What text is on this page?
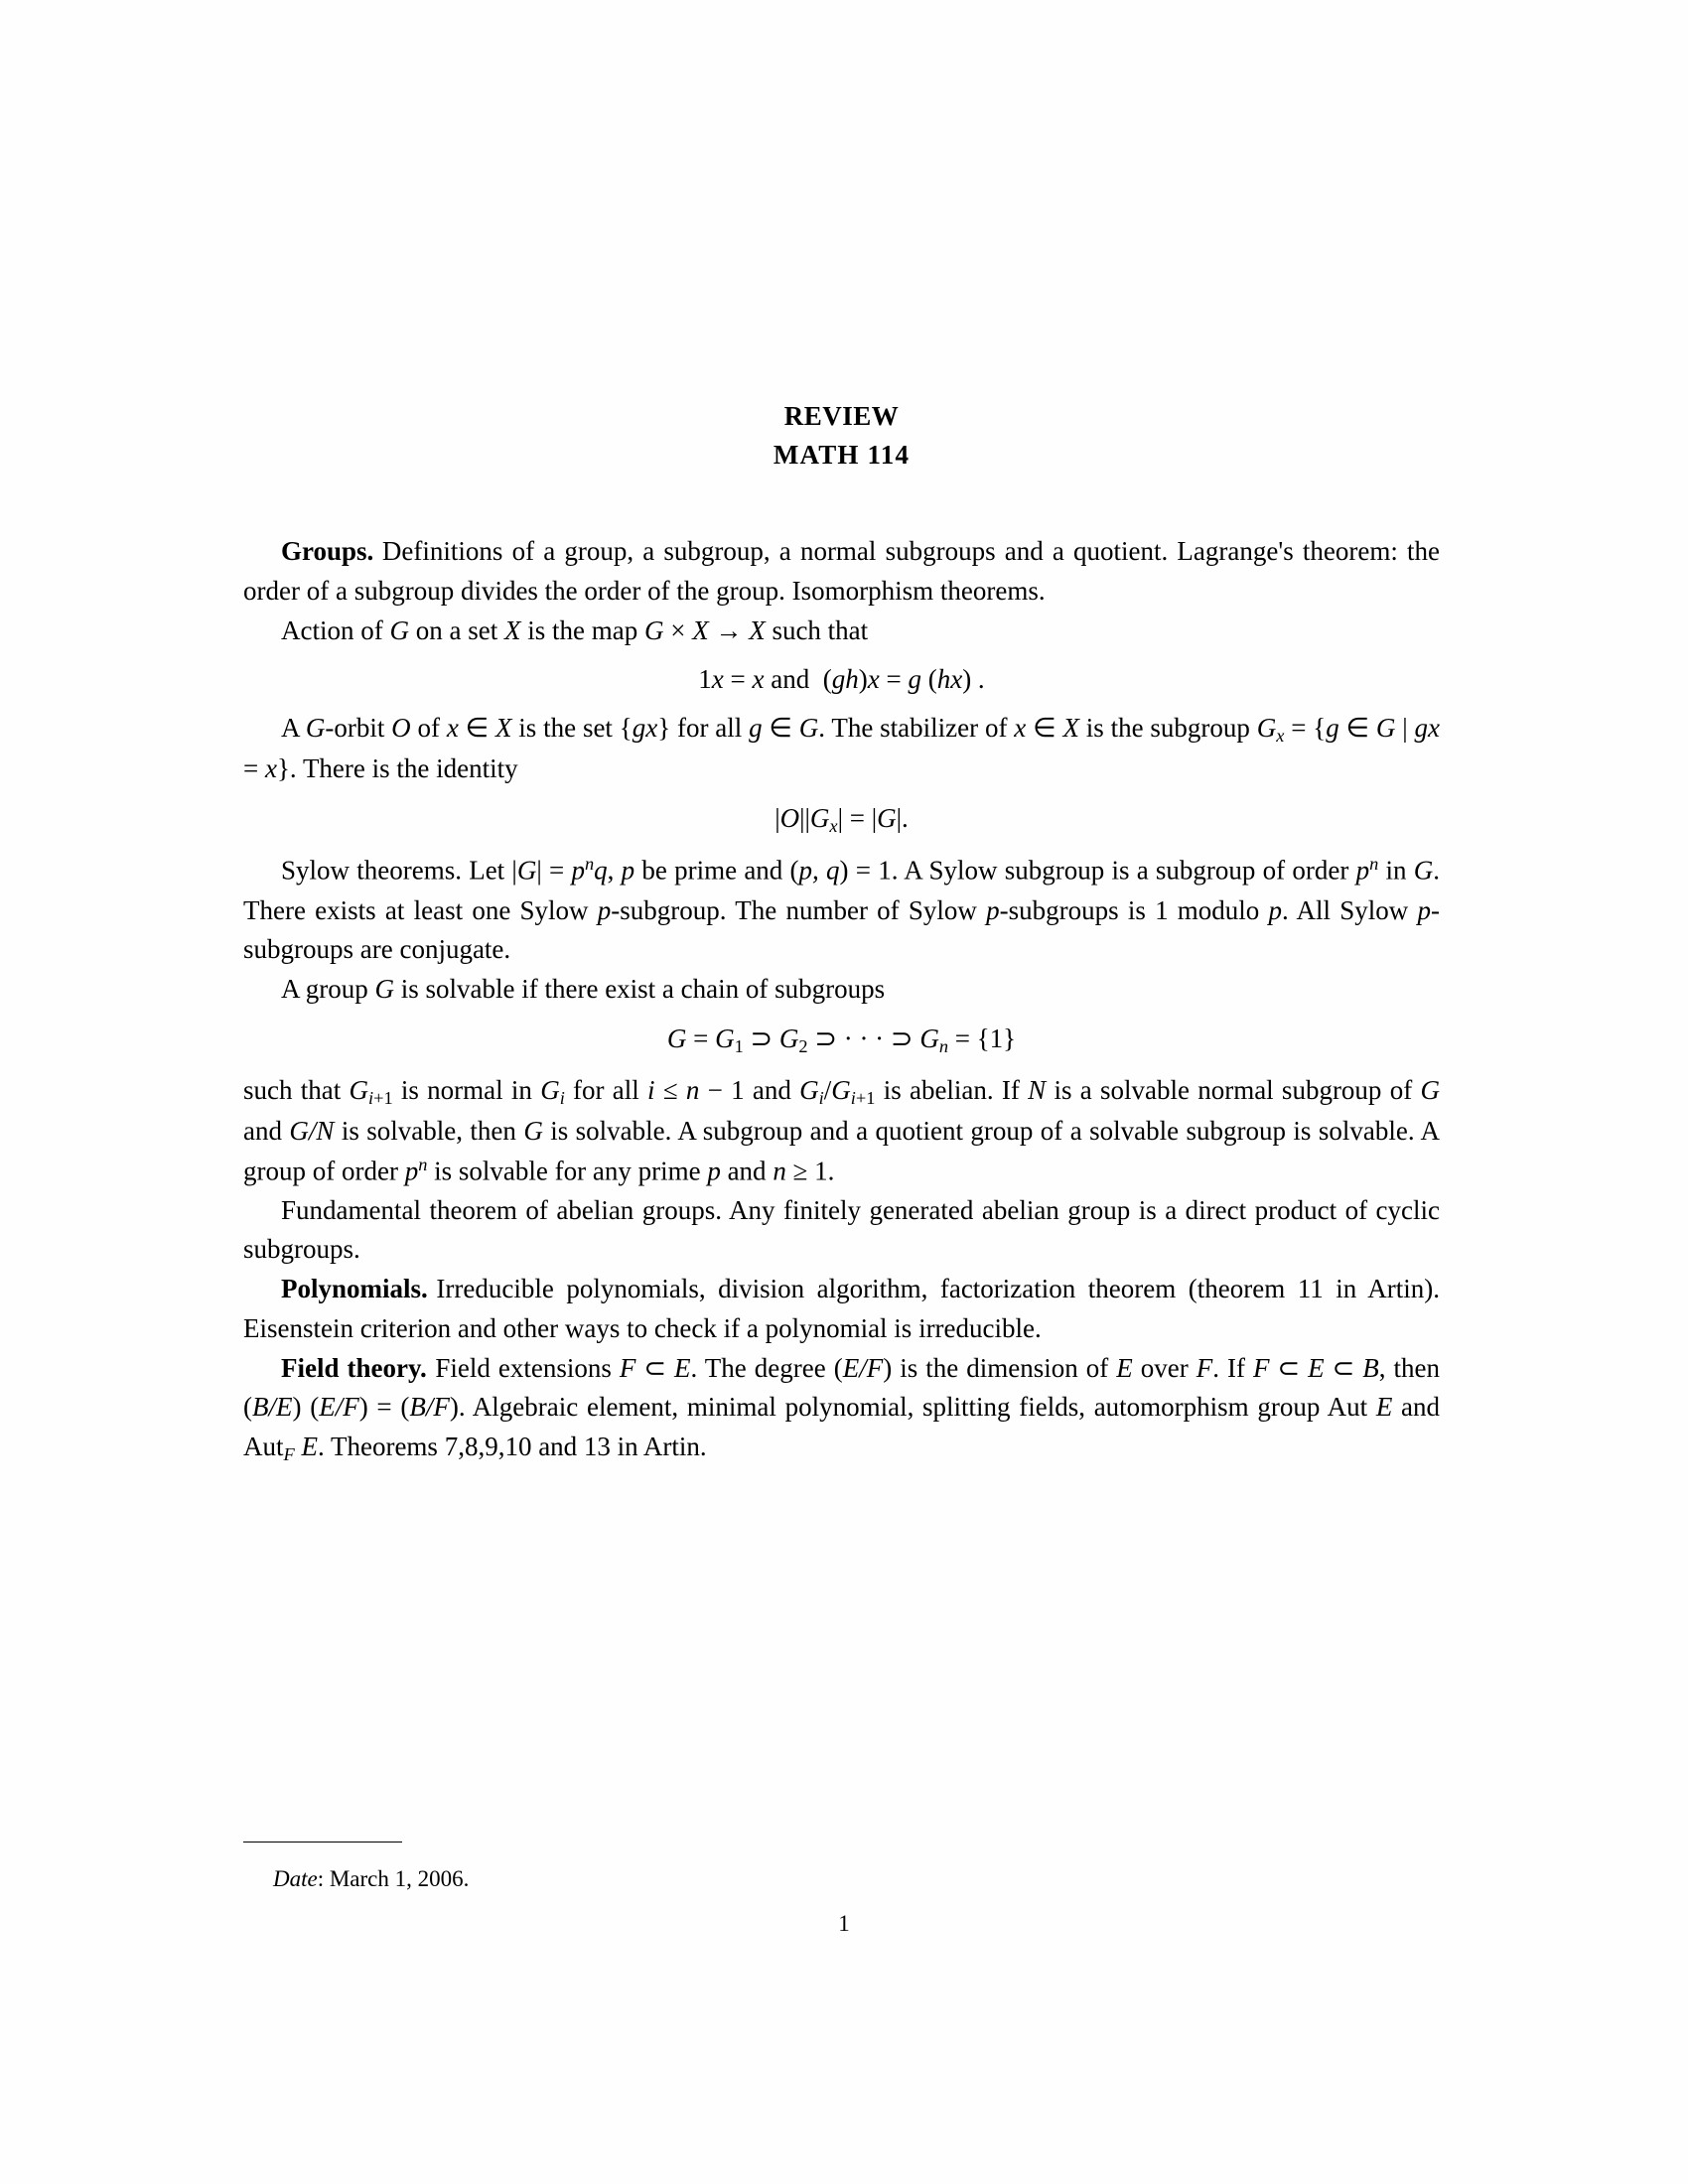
REVIEW
MATH 114

Groups. Definitions of a group, a subgroup, a normal subgroups and a quotient. Lagrange's theorem: the order of a subgroup divides the order of the group. Isomorphism theorems.

Action of G on a set X is the map G × X → X such that

1x = x and (gh)x = g (hx) .

A G-orbit O of x ∈ X is the set {gx} for all g ∈ G. The stabilizer of x ∈ X is the subgroup $G_x = \{g$ ∈ G | gx = x}. There is the identity

$|O||G_x| = |G|$.

Sylow theorems. Let $|G| = p^nq$, p be prime and (p, q) = 1. A Sylow subgroup is a subgroup of order $p^n$ in G. There exists at least one Sylow p-subgroup. The number of Sylow p-subgroups is 1 modulo p. All Sylow p-subgroups are conjugate.

A group G is solvable if there exist a chain of subgroups

G = G1 ⊃ G2 ⊃ · · · ⊃ $G_n = \{1\}$

such that $G_i+1$ is normal in $G_i$ for all i ≤ n − 1 and $G_i/G_i+1$ is abelian. If N is a solvable normal subgroup of G and G/N is solvable, then G is solvable. A subgroup and a quotient group of a solvable subgroup is solvable. A group of order $p^n$ is solvable for any prime p and n ≥ 1.

Fundamental theorem of abelian groups. Any finitely generated abelian group is a direct product of cyclic subgroups.

Polynomials. Irreducible polynomials, division algorithm, factorization theorem (theorem 11 in Artin). Eisenstein criterion and other ways to check if a polynomial is irreducible.

Field theory. Field extensions F ⊂ E. The degree (E/F) is the dimension of E over F. If F ⊂ E ⊂ B, then (B/E) (E/F) = (B/F). Algebraic element, minimal polynomial, splitting fields, automorphism group Aut E and Aut$_F$ E. Theorems 7,8,9,10 and 13 in Artin.

Date: March 1, 2006.
1
